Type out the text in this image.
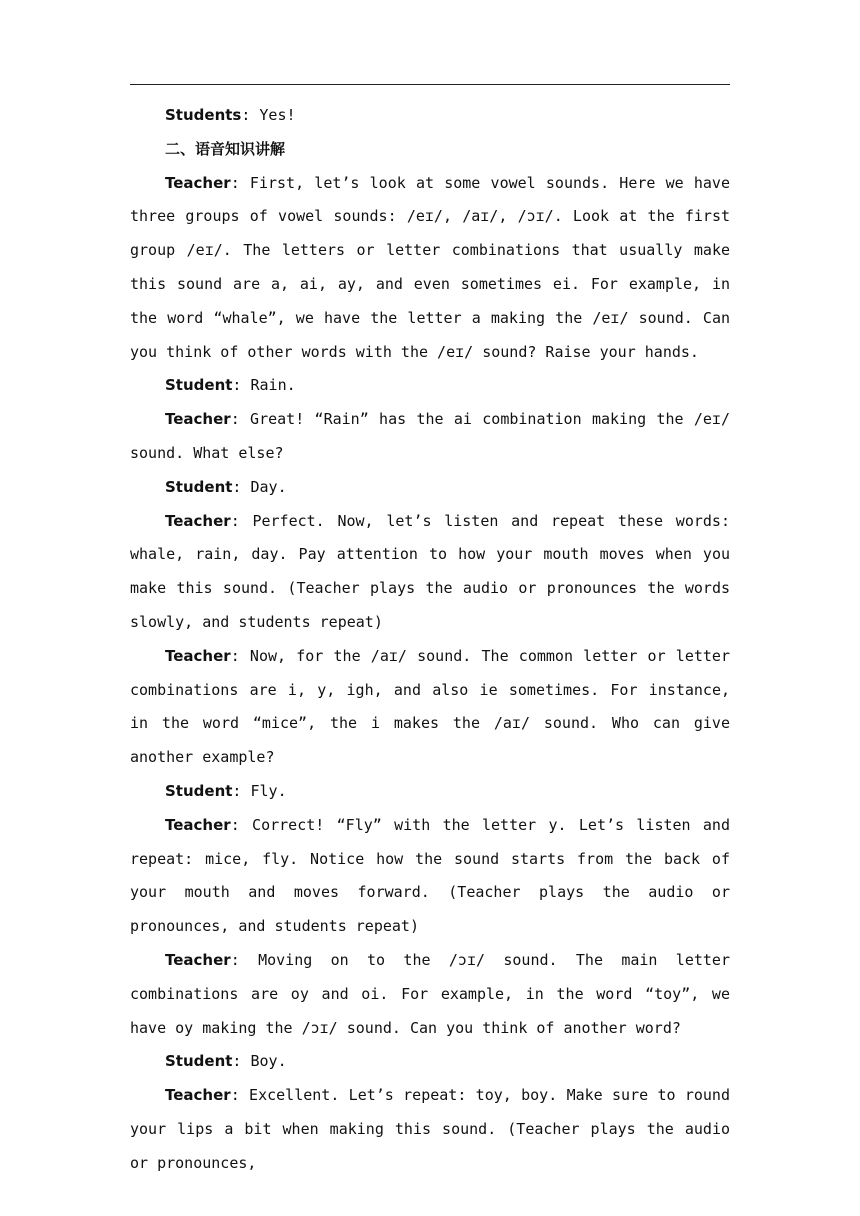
Students: Yes!

二、语音知识讲解

Teacher: First, let’s look at some vowel sounds. Here we have three groups of vowel sounds: /eɪ/, /aɪ/, /ɔɪ/. Look at the first group /eɪ/. The letters or letter combinations that usually make this sound are a, ai, ay, and even sometimes ei. For example, in the word “whale”, we have the letter a making the /eɪ/ sound. Can you think of other words with the /eɪ/ sound? Raise your hands.

Student: Rain.

Teacher: Great! “Rain” has the ai combination making the /eɪ/ sound. What else?

Student: Day.

Teacher: Perfect. Now, let’s listen and repeat these words: whale, rain, day. Pay attention to how your mouth moves when you make this sound. (Teacher plays the audio or pronounces the words slowly, and students repeat)

Teacher: Now, for the /aɪ/ sound. The common letter or letter combinations are i, y, igh, and also ie sometimes. For instance, in the word “mice”, the i makes the /aɪ/ sound. Who can give another example?

Student: Fly.

Teacher: Correct! “Fly” with the letter y. Let’s listen and repeat: mice, fly. Notice how the sound starts from the back of your mouth and moves forward. (Teacher plays the audio or pronounces, and students repeat)

Teacher: Moving on to the /ɔɪ/ sound. The main letter combinations are oy and oi. For example, in the word “toy”, we have oy making the /ɔɪ/ sound. Can you think of another word?

Student: Boy.

Teacher: Excellent. Let’s repeat: toy, boy. Make sure to round your lips a bit when making this sound. (Teacher plays the audio or pronounces,
